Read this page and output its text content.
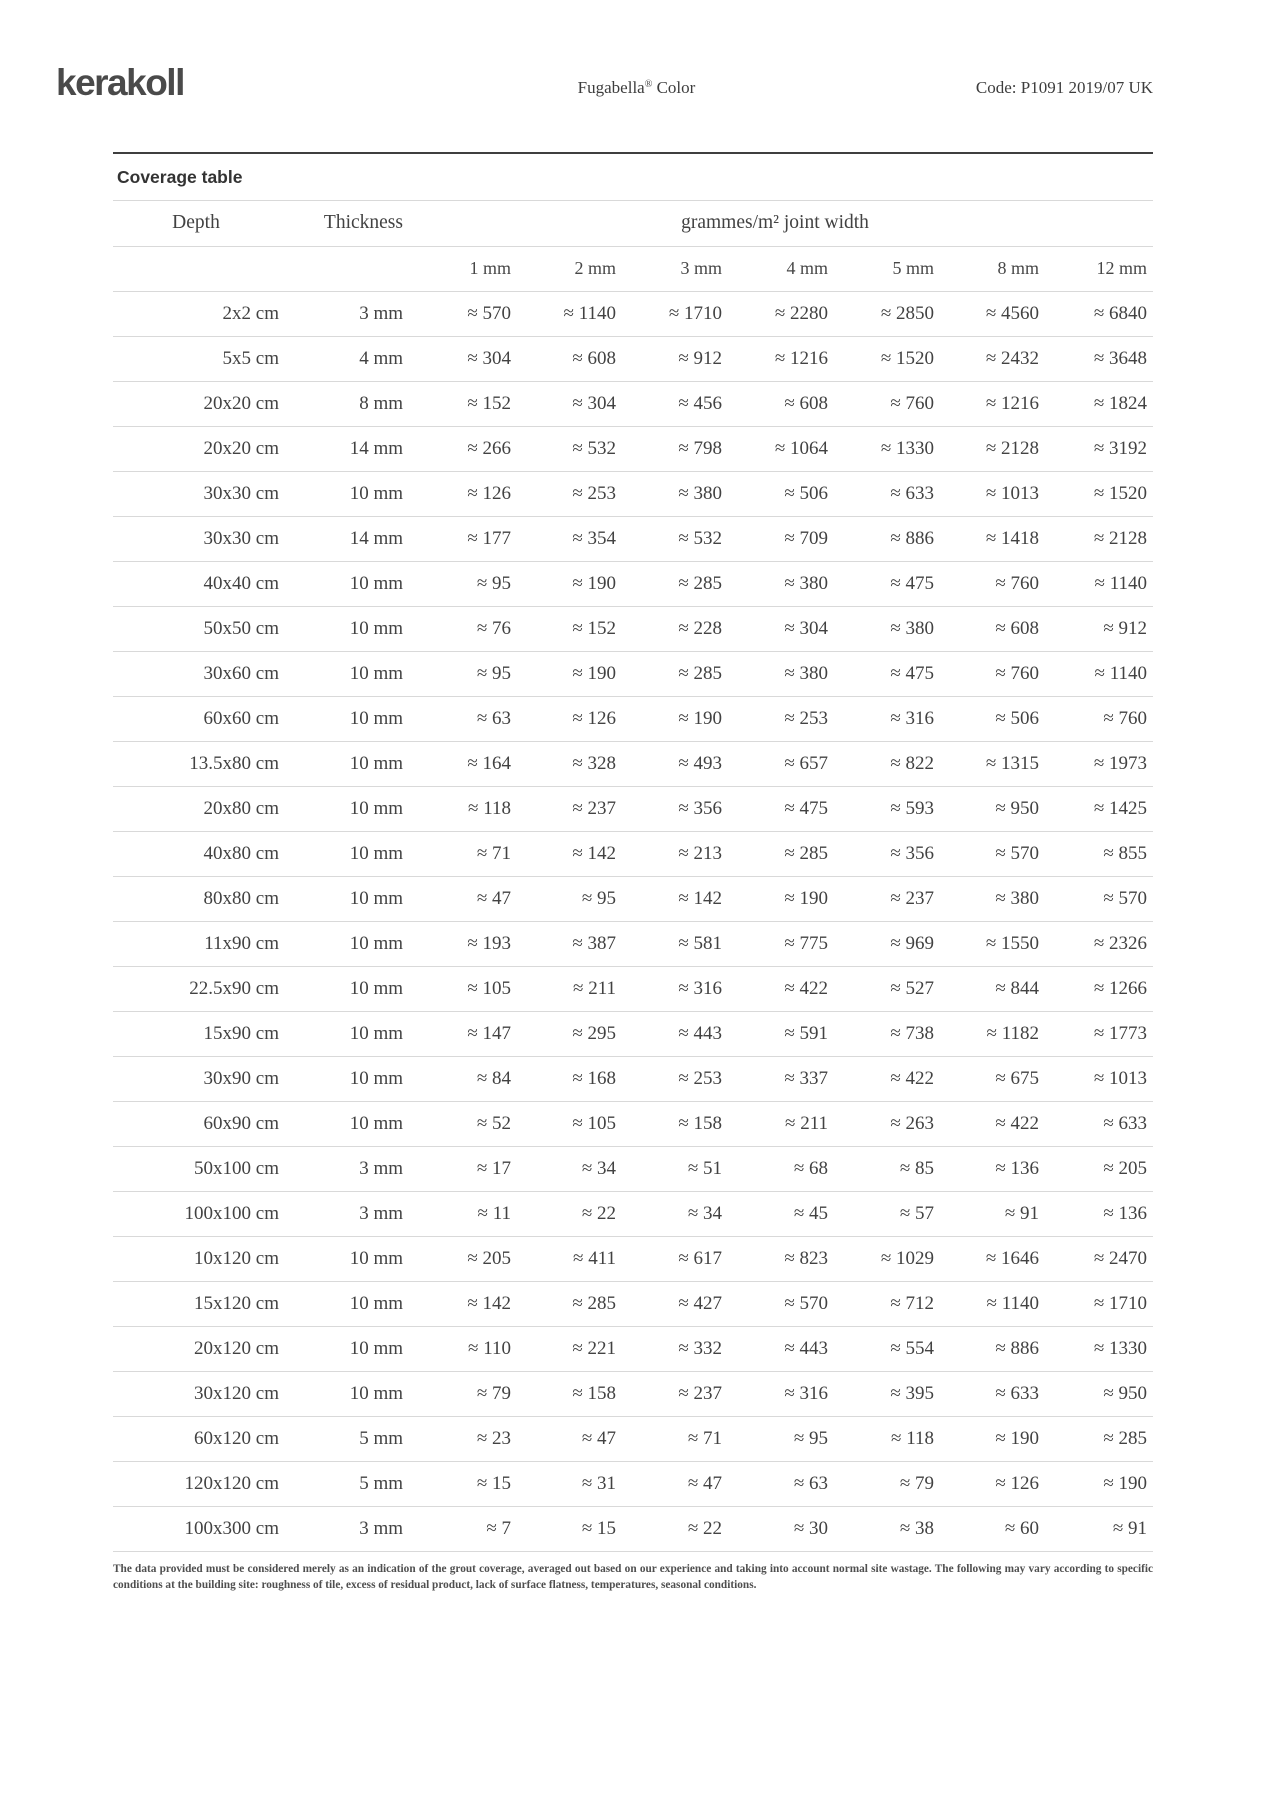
kerakoll	Fugabella® Color	Code: P1091 2019/07 UK
Coverage table
Depth	Thickness	grammes/m² joint width						
		1 mm	2 mm	3 mm	4 mm	5 mm	8 mm	12 mm
2x2 cm	3 mm	≈ 570	≈ 1140	≈ 1710	≈ 2280	≈ 2850	≈ 4560	≈ 6840
5x5 cm	4 mm	≈ 304	≈ 608	≈ 912	≈ 1216	≈ 1520	≈ 2432	≈ 3648
20x20 cm	8 mm	≈ 152	≈ 304	≈ 456	≈ 608	≈ 760	≈ 1216	≈ 1824
20x20 cm	14 mm	≈ 266	≈ 532	≈ 798	≈ 1064	≈ 1330	≈ 2128	≈ 3192
30x30 cm	10 mm	≈ 126	≈ 253	≈ 380	≈ 506	≈ 633	≈ 1013	≈ 1520
30x30 cm	14 mm	≈ 177	≈ 354	≈ 532	≈ 709	≈ 886	≈ 1418	≈ 2128
40x40 cm	10 mm	≈ 95	≈ 190	≈ 285	≈ 380	≈ 475	≈ 760	≈ 1140
50x50 cm	10 mm	≈ 76	≈ 152	≈ 228	≈ 304	≈ 380	≈ 608	≈ 912
30x60 cm	10 mm	≈ 95	≈ 190	≈ 285	≈ 380	≈ 475	≈ 760	≈ 1140
60x60 cm	10 mm	≈ 63	≈ 126	≈ 190	≈ 253	≈ 316	≈ 506	≈ 760
13.5x80 cm	10 mm	≈ 164	≈ 328	≈ 493	≈ 657	≈ 822	≈ 1315	≈ 1973
20x80 cm	10 mm	≈ 118	≈ 237	≈ 356	≈ 475	≈ 593	≈ 950	≈ 1425
40x80 cm	10 mm	≈ 71	≈ 142	≈ 213	≈ 285	≈ 356	≈ 570	≈ 855
80x80 cm	10 mm	≈ 47	≈ 95	≈ 142	≈ 190	≈ 237	≈ 380	≈ 570
11x90 cm	10 mm	≈ 193	≈ 387	≈ 581	≈ 775	≈ 969	≈ 1550	≈ 2326
22.5x90 cm	10 mm	≈ 105	≈ 211	≈ 316	≈ 422	≈ 527	≈ 844	≈ 1266
15x90 cm	10 mm	≈ 147	≈ 295	≈ 443	≈ 591	≈ 738	≈ 1182	≈ 1773
30x90 cm	10 mm	≈ 84	≈ 168	≈ 253	≈ 337	≈ 422	≈ 675	≈ 1013
60x90 cm	10 mm	≈ 52	≈ 105	≈ 158	≈ 211	≈ 263	≈ 422	≈ 633
50x100 cm	3 mm	≈ 17	≈ 34	≈ 51	≈ 68	≈ 85	≈ 136	≈ 205
100x100 cm	3 mm	≈ 11	≈ 22	≈ 34	≈ 45	≈ 57	≈ 91	≈ 136
10x120 cm	10 mm	≈ 205	≈ 411	≈ 617	≈ 823	≈ 1029	≈ 1646	≈ 2470
15x120 cm	10 mm	≈ 142	≈ 285	≈ 427	≈ 570	≈ 712	≈ 1140	≈ 1710
20x120 cm	10 mm	≈ 110	≈ 221	≈ 332	≈ 443	≈ 554	≈ 886	≈ 1330
30x120 cm	10 mm	≈ 79	≈ 158	≈ 237	≈ 316	≈ 395	≈ 633	≈ 950
60x120 cm	5 mm	≈ 23	≈ 47	≈ 71	≈ 95	≈ 118	≈ 190	≈ 285
120x120 cm	5 mm	≈ 15	≈ 31	≈ 47	≈ 63	≈ 79	≈ 126	≈ 190
100x300 cm	3 mm	≈ 7	≈ 15	≈ 22	≈ 30	≈ 38	≈ 60	≈ 91

The data provided must be considered merely as an indication of the grout coverage, averaged out based on our experience and taking into account normal site wastage. The following may vary according to specific conditions at the building site: roughness of tile, excess of residual product, lack of surface flatness, temperatures, seasonal conditions.
